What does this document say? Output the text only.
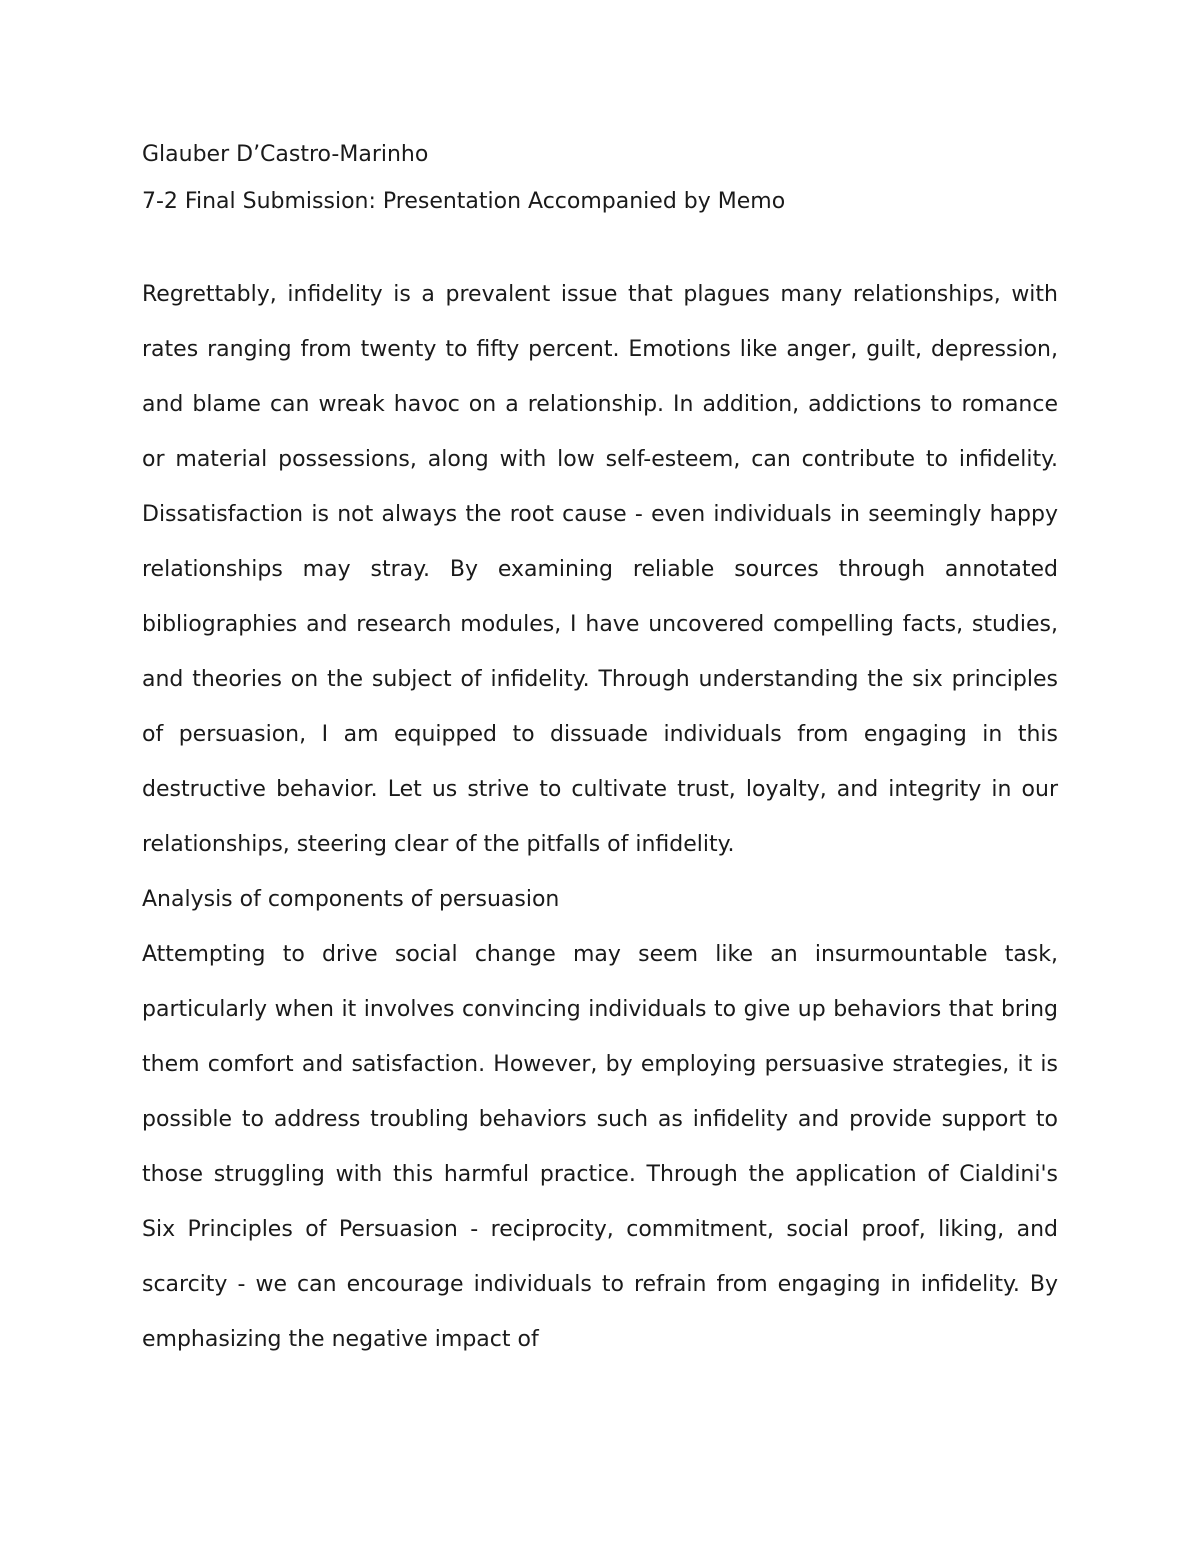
Glauber D’Castro-Marinho

7-2 Final Submission: Presentation Accompanied by Memo

Regrettably, infidelity is a prevalent issue that plagues many relationships, with rates ranging from twenty to fifty percent. Emotions like anger, guilt, depression, and blame can wreak havoc on a relationship. In addition, addictions to romance or material possessions, along with low self-esteem, can contribute to infidelity. Dissatisfaction is not always the root cause - even individuals in seemingly happy relationships may stray. By examining reliable sources through annotated bibliographies and research modules, I have uncovered compelling facts, studies, and theories on the subject of infidelity. Through understanding the six principles of persuasion, I am equipped to dissuade individuals from engaging in this destructive behavior. Let us strive to cultivate trust, loyalty, and integrity in our relationships, steering clear of the pitfalls of infidelity.

Analysis of components of persuasion

Attempting to drive social change may seem like an insurmountable task, particularly when it involves convincing individuals to give up behaviors that bring them comfort and satisfaction. However, by employing persuasive strategies, it is possible to address troubling behaviors such as infidelity and provide support to those struggling with this harmful practice. Through the application of Cialdini's Six Principles of Persuasion - reciprocity, commitment, social proof, liking, and scarcity - we can encourage individuals to refrain from engaging in infidelity. By emphasizing the negative impact of
